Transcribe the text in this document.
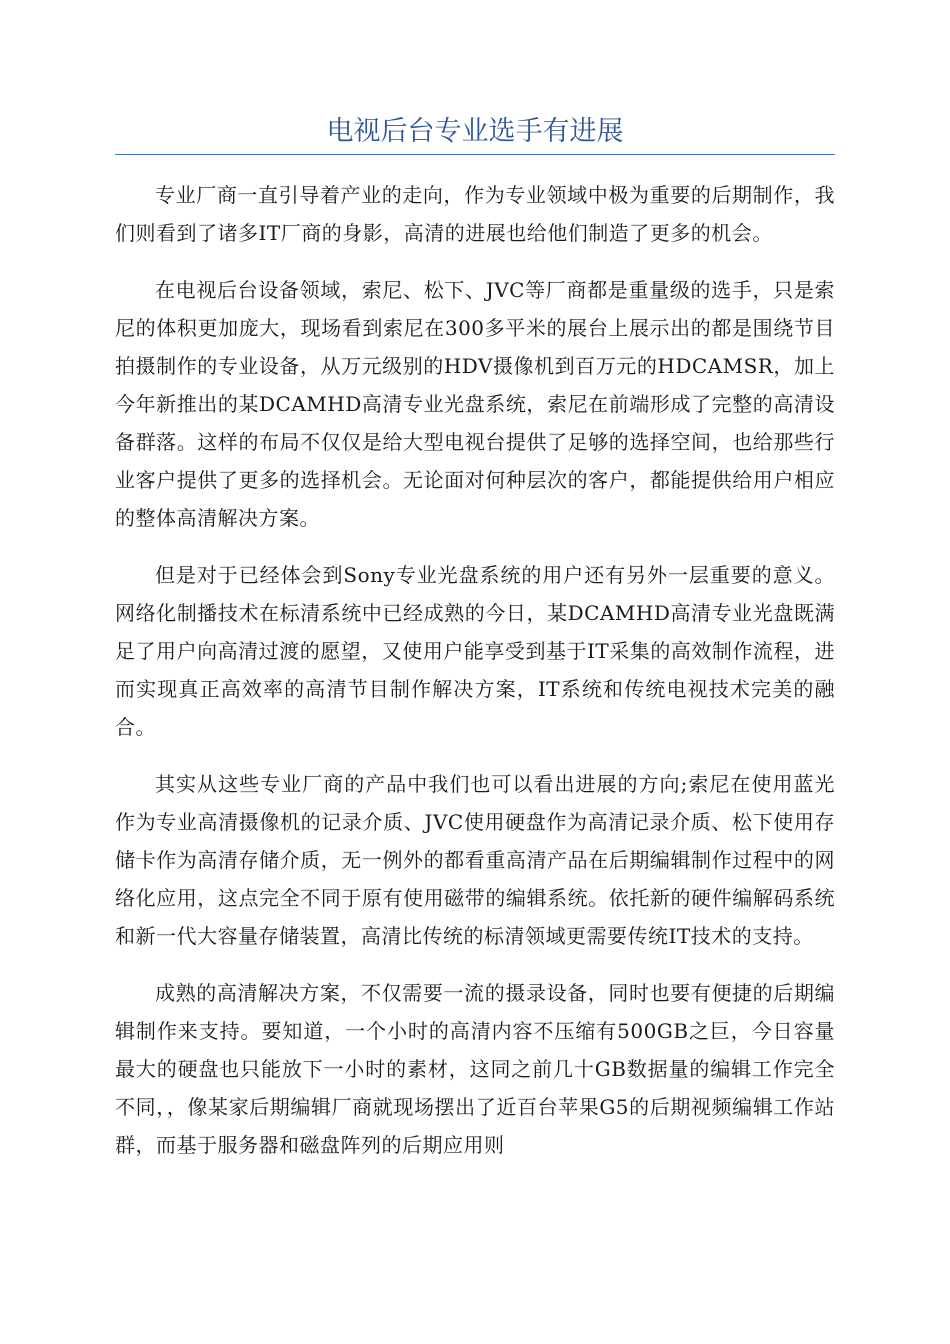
电视后台专业选手有进展

专业厂商一直引导着产业的走向，作为专业领域中极为重要的后期制作，我们则看到了诸多IT厂商的身影，高清的进展也给他们制造了更多的机会。

在电视后台设备领域，索尼、松下、JVC等厂商都是重量级的选手，只是索尼的体积更加庞大，现场看到索尼在300多平米的展台上展示出的都是围绕节目拍摄制作的专业设备，从万元级别的HDV摄像机到百万元的HDCAMSR，加上今年新推出的某DCAMHD高清专业光盘系统，索尼在前端形成了完整的高清设备群落。这样的布局不仅仅是给大型电视台提供了足够的选择空间，也给那些行业客户提供了更多的选择机会。无论面对何种层次的客户，都能提供给用户相应的整体高清解决方案。

但是对于已经体会到Sony专业光盘系统的用户还有另外一层重要的意义。网络化制播技术在标清系统中已经成熟的今日，某DCAMHD高清专业光盘既满足了用户向高清过渡的愿望，又使用户能享受到基于IT采集的高效制作流程，进而实现真正高效率的高清节目制作解决方案，IT系统和传统电视技术完美的融合。

其实从这些专业厂商的产品中我们也可以看出进展的方向;索尼在使用蓝光作为专业高清摄像机的记录介质、JVC使用硬盘作为高清记录介质、松下使用存储卡作为高清存储介质，无一例外的都看重高清产品在后期编辑制作过程中的网络化应用，这点完全不同于原有使用磁带的编辑系统。依托新的硬件编解码系统和新一代大容量存储装置，高清比传统的标清领域更需要传统IT技术的支持。

成熟的高清解决方案，不仅需要一流的摄录设备，同时也要有便捷的后期编辑制作来支持。要知道，一个小时的高清内容不压缩有500GB之巨，今日容量最大的硬盘也只能放下一小时的素材，这同之前几十GB数据量的编辑工作完全不同，，像某家后期编辑厂商就现场摆出了近百台苹果G5的后期视频编辑工作站群，而基于服务器和磁盘阵列的后期应用则
